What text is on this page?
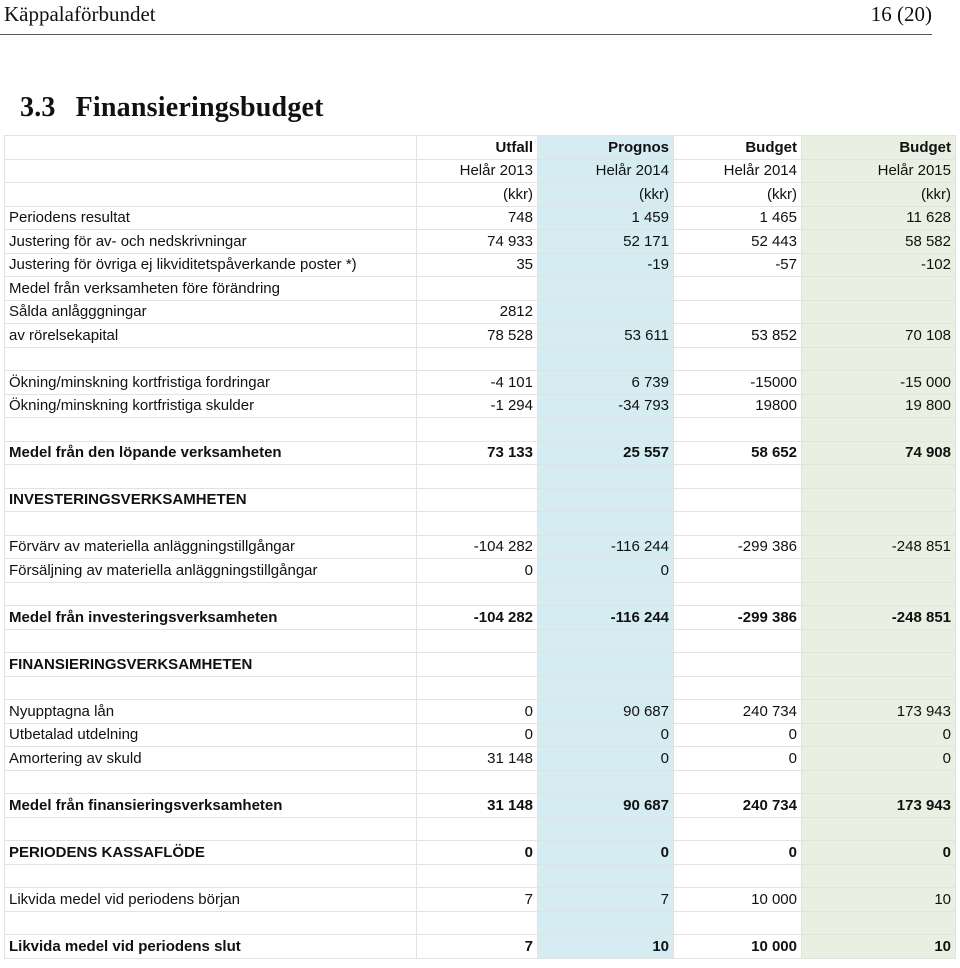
Käppalaförbundet	16 (20)
3.3 Finansieringsbudget
	Utfall	Prognos	Budget	Budget
	Helår 2013	Helår 2014	Helår 2014	Helår 2015
	(kkr)	(kkr)	(kkr)	(kkr)
Periodens resultat	748	1 459	1 465	11 628
Justering för av- och nedskrivningar	74 933	52 171	52 443	58 582
Justering för övriga ej likviditetspåverkande poster *)	35	-19	-57	-102
Medel från verksamheten före förändring				
Sålda anlågggningar	2812			
av rörelsekapital	78 528	53 611	53 852	70 108

Ökning/minskning kortfristiga fordringar	-4 101	6 739	-15000	-15 000
Ökning/minskning kortfristiga skulder	-1 294	-34 793	19800	19 800

Medel från den löpande verksamheten	73 133	25 557	58 652	74 908

INVESTERINGSVERKSAMHETEN				

Förvärv av materiella anläggningstillgångar	-104 282	-116 244	-299 386	-248 851
Försäljning av materiella anläggningstillgångar	0	0		

Medel från investeringsverksamheten	-104 282	-116 244	-299 386	-248 851

FINANSIERINGSVERKSAMHETEN				

Nyupptagna lån	0	90 687	240 734	173 943
Utbetalad utdelning	0	0	0	0
Amortering av skuld	31 148	0	0	0

Medel från finansieringsverksamheten	31 148	90 687	240 734	173 943

PERIODENS KASSAFLÖDE	0	0	0	0

Likvida medel vid periodens början	7	7	10 000	10

Likvida medel vid periodens slut	7	10	10 000	10
